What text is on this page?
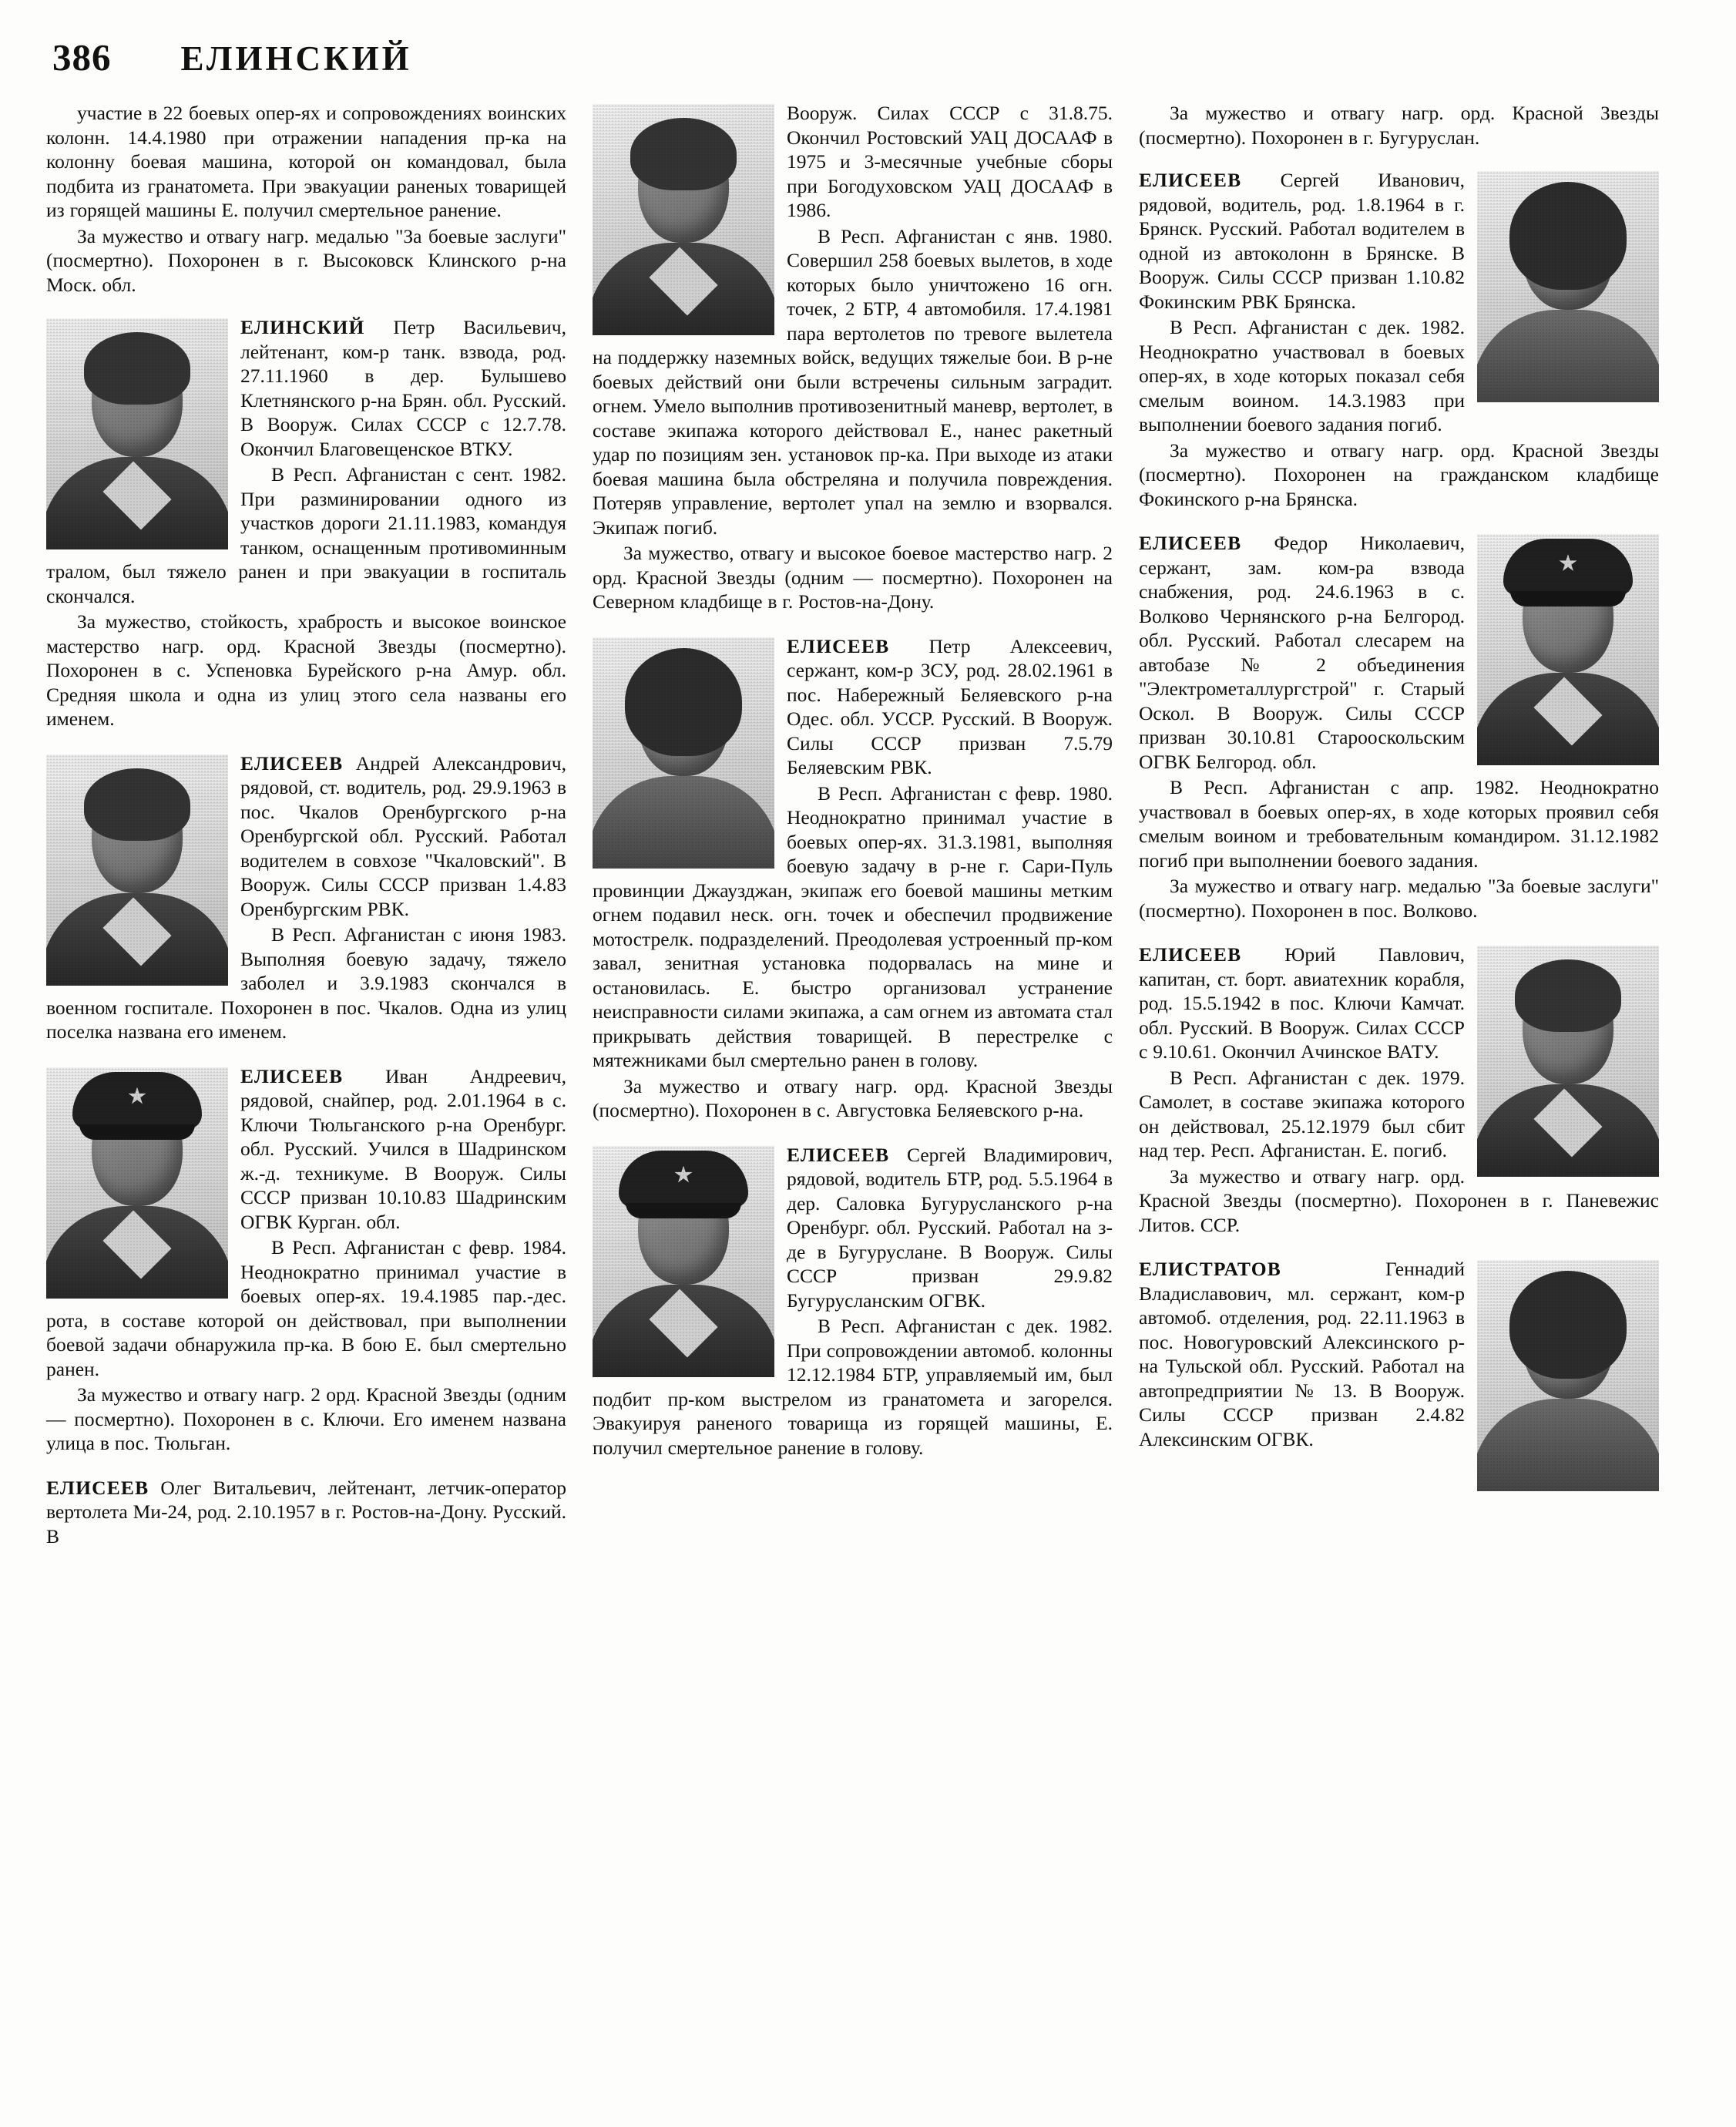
386 ЕЛИНСКИЙ

участие в 22 боевых опер-ях и сопровождениях воинских колонн. 14.4.1980 при отражении нападения пр-ка на колонну боевая машина, которой он командовал, была подбита из гранатомета. При эвакуации раненых товарищей из горящей машины Е. получил смертельное ранение.

За мужество и отвагу нагр. медалью "За боевые заслуги" (посмертно). Похоронен в г. Высоковск Клинского р-на Моск. обл.

ЕЛИНСКИЙ Петр Васильевич, лейтенант, ком-р танк. взвода, род. 27.11.1960 в дер. Булышево Клетнянского р-на Брян. обл. Русский. В Вооруж. Силах СССР с 12.7.78. Окончил Благовещенское ВТКУ.

В Респ. Афганистан с сент. 1982. При разминировании одного из участков дороги 21.11.1983, командуя танком, оснащенным противоминным тралом, был тяжело ранен и при эвакуации в госпиталь скончался.

За мужество, стойкость, храбрость и высокое воинское мастерство нагр. орд. Красной Звезды (посмертно). Похоронен в с. Успеновка Бурейского р-на Амур. обл. Средняя школа и одна из улиц этого села названы его именем.

ЕЛИСЕЕВ Андрей Александрович, рядовой, ст. водитель, род. 29.9.1963 в пос. Чкалов Оренбургского р-на Оренбургской обл. Русский. Работал водителем в совхозе "Чкаловский". В Вооруж. Силы СССР призван 1.4.83 Оренбургским РВК.

В Респ. Афганистан с июня 1983. Выполняя боевую задачу, тяжело заболел и 3.9.1983 скончался в военном госпитале. Похоронен в пос. Чкалов. Одна из улиц поселка названа его именем.

ЕЛИСЕЕВ Иван Андреевич, рядовой, снайпер, род. 2.01.1964 в с. Ключи Тюльганского р-на Оренбург. обл. Русский. Учился в Шадринском ж.-д. техникуме. В Вооруж. Силы СССР призван 10.10.83 Шадринским ОГВК Курган. обл.

В Респ. Афганистан с февр. 1984. Неоднократно принимал участие в боевых опер-ях. 19.4.1985 пар.-дес. рота, в составе которой он действовал, при выполнении боевой задачи обнаружила пр-ка. В бою Е. был смертельно ранен.

За мужество и отвагу нагр. 2 орд. Красной Звезды (одним — посмертно). Похоронен в с. Ключи. Его именем названа улица в пос. Тюльган.

ЕЛИСЕЕВ Олег Витальевич, лейтенант, летчик-оператор вертолета Ми-24, род. 2.10.1957 в г. Ростов-на-Дону. Русский. В

Вооруж. Силах СССР с 31.8.75. Окончил Ростовский УАЦ ДОСААФ в 1975 и 3-месячные учебные сборы при Богодуховском УАЦ ДОСААФ в 1986.

В Респ. Афганистан с янв. 1980. Совершил 258 боевых вылетов, в ходе которых было уничтожено 16 огн. точек, 2 БТР, 4 автомобиля. 17.4.1981 пара вертолетов по тревоге вылетела на поддержку наземных войск, ведущих тяжелые бои. В р-не боевых действий они были встречены сильным заградит. огнем. Умело выполнив противозенитный маневр, вертолет, в составе экипажа которого действовал Е., нанес ракетный удар по позициям зен. установок пр-ка. При выходе из атаки боевая машина была обстреляна и получила повреждения. Потеряв управление, вертолет упал на землю и взорвался. Экипаж погиб.

За мужество, отвагу и высокое боевое мастерство нагр. 2 орд. Красной Звезды (одним — посмертно). Похоронен на Северном кладбище в г. Ростов-на-Дону.

ЕЛИСЕЕВ Петр Алексеевич, сержант, ком-р ЗСУ, род. 28.02.1961 в пос. Набережный Беляевского р-на Одес. обл. УССР. Русский. В Вооруж. Силы СССР призван 7.5.79 Беляевским РВК.

В Респ. Афганистан с февр. 1980. Неоднократно принимал участие в боевых опер-ях. 31.3.1981, выполняя боевую задачу в р-не г. Сари-Пуль провинции Джаузджан, экипаж его боевой машины метким огнем подавил неск. огн. точек и обеспечил продвижение мотострелк. подразделений. Преодолевая устроенный пр-ком завал, зенитная установка подорвалась на мине и остановилась. Е. быстро организовал устранение неисправности силами экипажа, а сам огнем из автомата стал прикрывать действия товарищей. В перестрелке с мятежниками был смертельно ранен в голову.

За мужество и отвагу нагр. орд. Красной Звезды (посмертно). Похоронен в с. Августовка Беляевского р-на.

ЕЛИСЕЕВ Сергей Владимирович, рядовой, водитель БТР, род. 5.5.1964 в дер. Саловка Бугурусланского р-на Оренбург. обл. Русский. Работал на з-де в Бугуруслане. В Вооруж. Силы СССР призван 29.9.82 Бугурусланским ОГВК.

В Респ. Афганистан с дек. 1982. При сопровождении автомоб. колонны 12.12.1984 БТР, управляемый им, был подбит пр-ком выстрелом из гранатомета и загорелся. Эвакуируя раненого товарища из горящей машины, Е. получил смертельное ранение в голову.

За мужество и отвагу нагр. орд. Красной Звезды (посмертно). Похоронен в г. Бугуруслан.

ЕЛИСЕЕВ Сергей Иванович, рядовой, водитель, род. 1.8.1964 в г. Брянск. Русский. Работал водителем в одной из автоколонн в Брянске. В Вооруж. Силы СССР призван 1.10.82 Фокинским РВК Брянска.

В Респ. Афганистан с дек. 1982. Неоднократно участвовал в боевых опер-ях, в ходе которых показал себя смелым воином. 14.3.1983 при выполнении боевого задания погиб.

За мужество и отвагу нагр. орд. Красной Звезды (посмертно). Похоронен на гражданском кладбище Фокинского р-на Брянска.

ЕЛИСЕЕВ Федор Николаевич, сержант, зам. ком-ра взвода снабжения, род. 24.6.1963 в с. Волково Чернянского р-на Белгород. обл. Русский. Работал слесарем на автобазе № 2 объединения "Электрометаллургстрой" г. Старый Оскол. В Вооруж. Силы СССР призван 30.10.81 Старооскольским ОГВК Белгород. обл.

В Респ. Афганистан с апр. 1982. Неоднократно участвовал в боевых опер-ях, в ходе которых проявил себя смелым воином и требовательным командиром. 31.12.1982 погиб при выполнении боевого задания.

За мужество и отвагу нагр. медалью "За боевые заслуги" (посмертно). Похоронен в пос. Волково.

ЕЛИСЕЕВ Юрий Павлович, капитан, ст. борт. авиатехник корабля, род. 15.5.1942 в пос. Ключи Камчат. обл. Русский. В Вооруж. Силах СССР с 9.10.61. Окончил Ачинское ВАТУ.

В Респ. Афганистан с дек. 1979. Самолет, в составе экипажа которого он действовал, 25.12.1979 был сбит над тер. Респ. Афганистан. Е. погиб.

За мужество и отвагу нагр. орд. Красной Звезды (посмертно). Похоронен в г. Паневежис Литов. ССР.

ЕЛИСТРАТОВ	Геннадий Владиславович, мл. сержант, ком-р автомоб. отделения, род. 22.11.1963 в пос. Новогуровский Алексинского р-на Тульской обл. Русский. Работал на автопредприятии № 13. В Вооруж. Силы СССР призван 2.4.82 Алексинским ОГВК.
